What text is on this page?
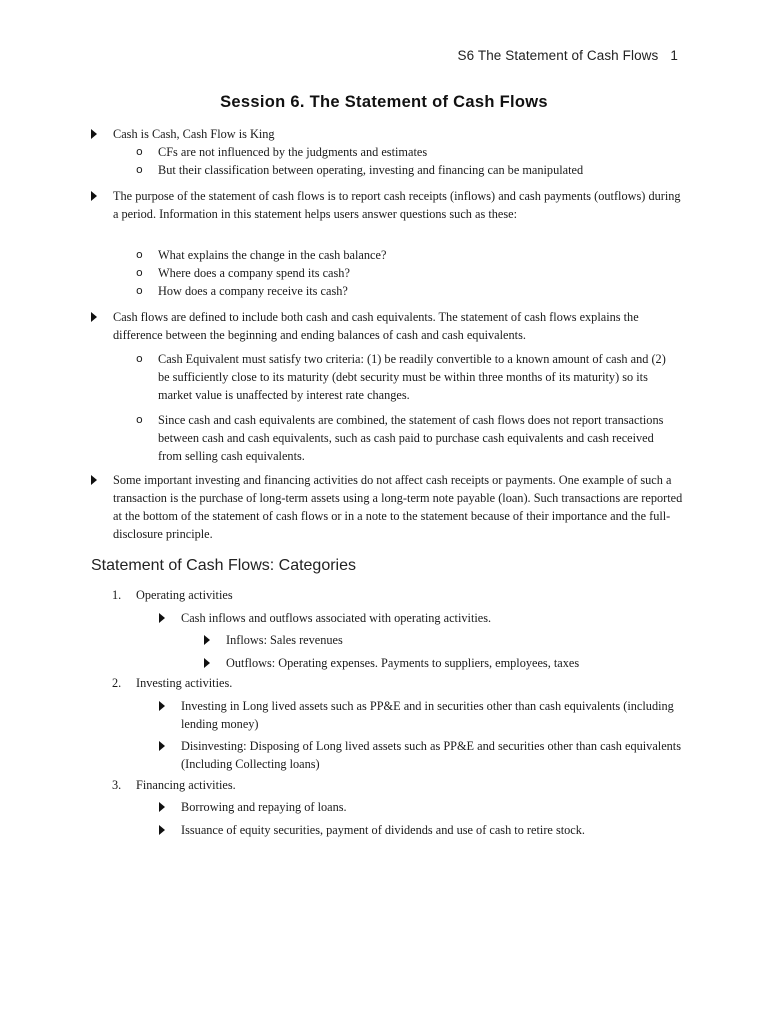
S6 The Statement of Cash Flows 1
Session 6. The Statement of Cash Flows
Cash is Cash, Cash Flow is King
o CFs are not influenced by the judgments and estimates
o But their classification between operating, investing and financing can be manipulated
The purpose of the statement of cash flows is to report cash receipts (inflows) and cash payments (outflows) during a period. Information in this statement helps users answer questions such as these:
o What explains the change in the cash balance?
o Where does a company spend its cash?
o How does a company receive its cash?
Cash flows are defined to include both cash and cash equivalents. The statement of cash flows explains the difference between the beginning and ending balances of cash and cash equivalents.
o Cash Equivalent must satisfy two criteria: (1) be readily convertible to a known amount of cash and (2) be sufficiently close to its maturity (debt security must be within three months of its maturity) so its market value is unaffected by interest rate changes.
o Since cash and cash equivalents are combined, the statement of cash flows does not report transactions between cash and cash equivalents, such as cash paid to purchase cash equivalents and cash received from selling cash equivalents.
Some important investing and financing activities do not affect cash receipts or payments. One example of such a transaction is the purchase of long-term assets using a long-term note payable (loan). Such transactions are reported at the bottom of the statement of cash flows or in a note to the statement because of their importance and the full-disclosure principle.
Statement of Cash Flows: Categories
1. Operating activities
Cash inflows and outflows associated with operating activities.
Inflows: Sales revenues
Outflows: Operating expenses. Payments to suppliers, employees, taxes
2. Investing activities.
Investing in Long lived assets such as PP&E and in securities other than cash equivalents (including lending money)
Disinvesting: Disposing of Long lived assets such as PP&E and securities other than cash equivalents (Including Collecting loans)
3. Financing activities.
Borrowing and repaying of loans.
Issuance of equity securities, payment of dividends and use of cash to retire stock.
